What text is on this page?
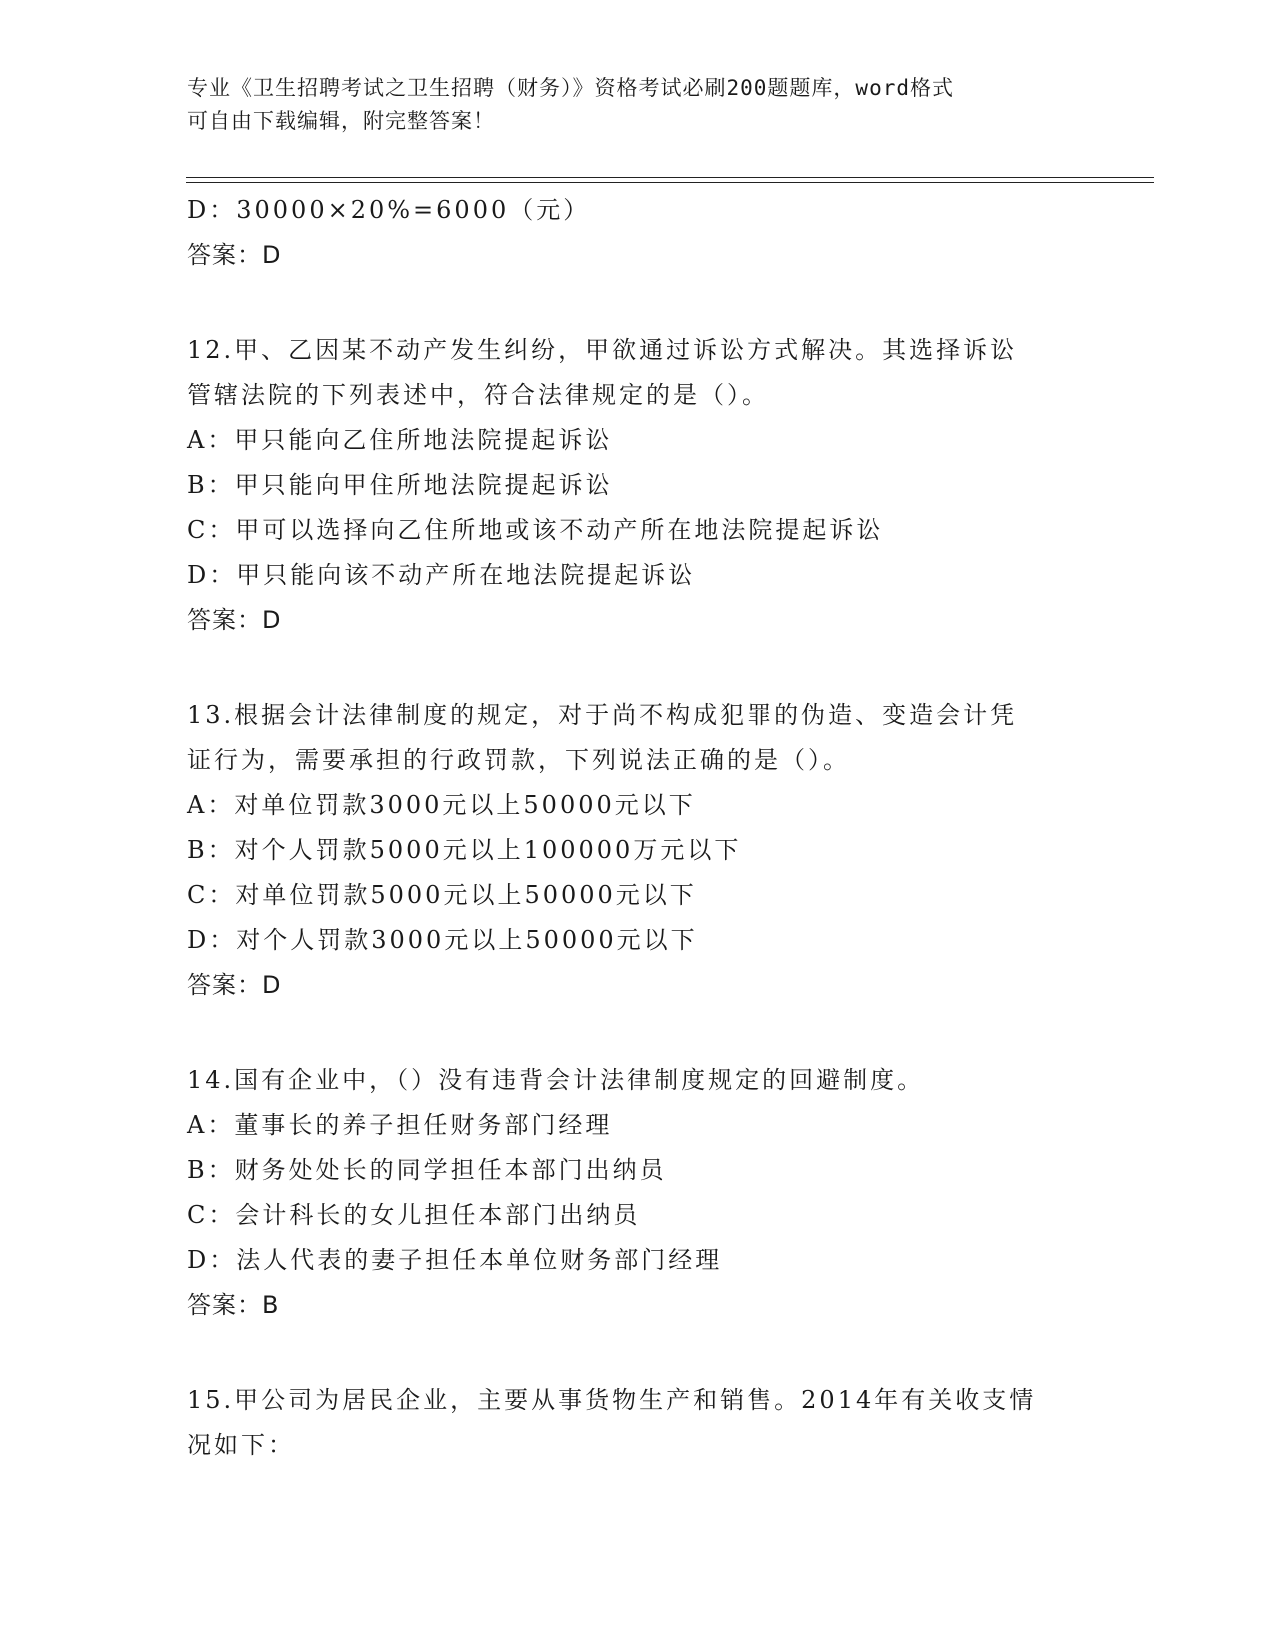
专业《卫生招聘考试之卫生招聘（财务）》资格考试必刷200题题库，word格式
可自由下载编辑，附完整答案！
D：30000×20%=6000（元）
答案：D
12.甲、乙因某不动产发生纠纷，甲欲通过诉讼方式解决。其选择诉讼
管辖法院的下列表述中，符合法律规定的是（）。
A：甲只能向乙住所地法院提起诉讼
B：甲只能向甲住所地法院提起诉讼
C：甲可以选择向乙住所地或该不动产所在地法院提起诉讼
D：甲只能向该不动产所在地法院提起诉讼
答案：D
13.根据会计法律制度的规定，对于尚不构成犯罪的伪造、变造会计凭
证行为，需要承担的行政罚款，下列说法正确的是（）。
A：对单位罚款3000元以上50000元以下
B：对个人罚款5000元以上100000万元以下
C：对单位罚款5000元以上50000元以下
D：对个人罚款3000元以上50000元以下
答案：D
14.国有企业中，（）没有违背会计法律制度规定的回避制度。
A：董事长的养子担任财务部门经理
B：财务处处长的同学担任本部门出纳员
C：会计科长的女儿担任本部门出纳员
D：法人代表的妻子担任本单位财务部门经理
答案：B
15.甲公司为居民企业，主要从事货物生产和销售。2014年有关收支情
况如下：
